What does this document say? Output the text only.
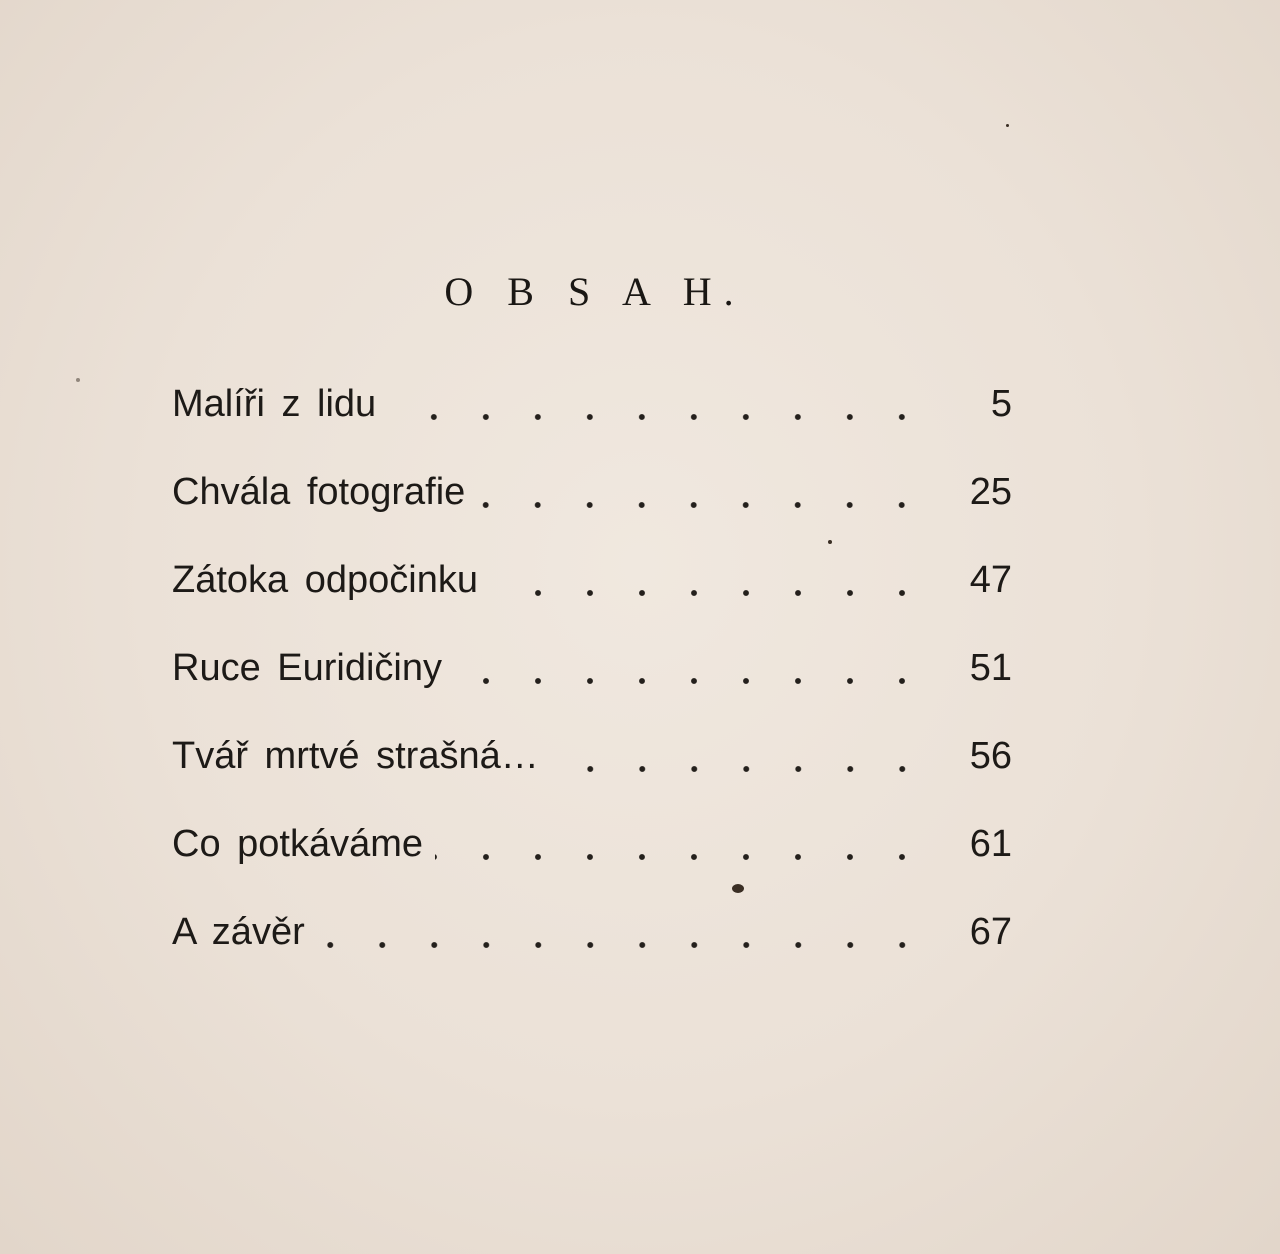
O B S A H.
Malíři z lidu	5
Chvála fotografie	25
Zátoka odpočinku	47
Ruce Euridičiny	51
Tvář mrtvé strašná…	56
Co potkáváme	61
A závěr	67
